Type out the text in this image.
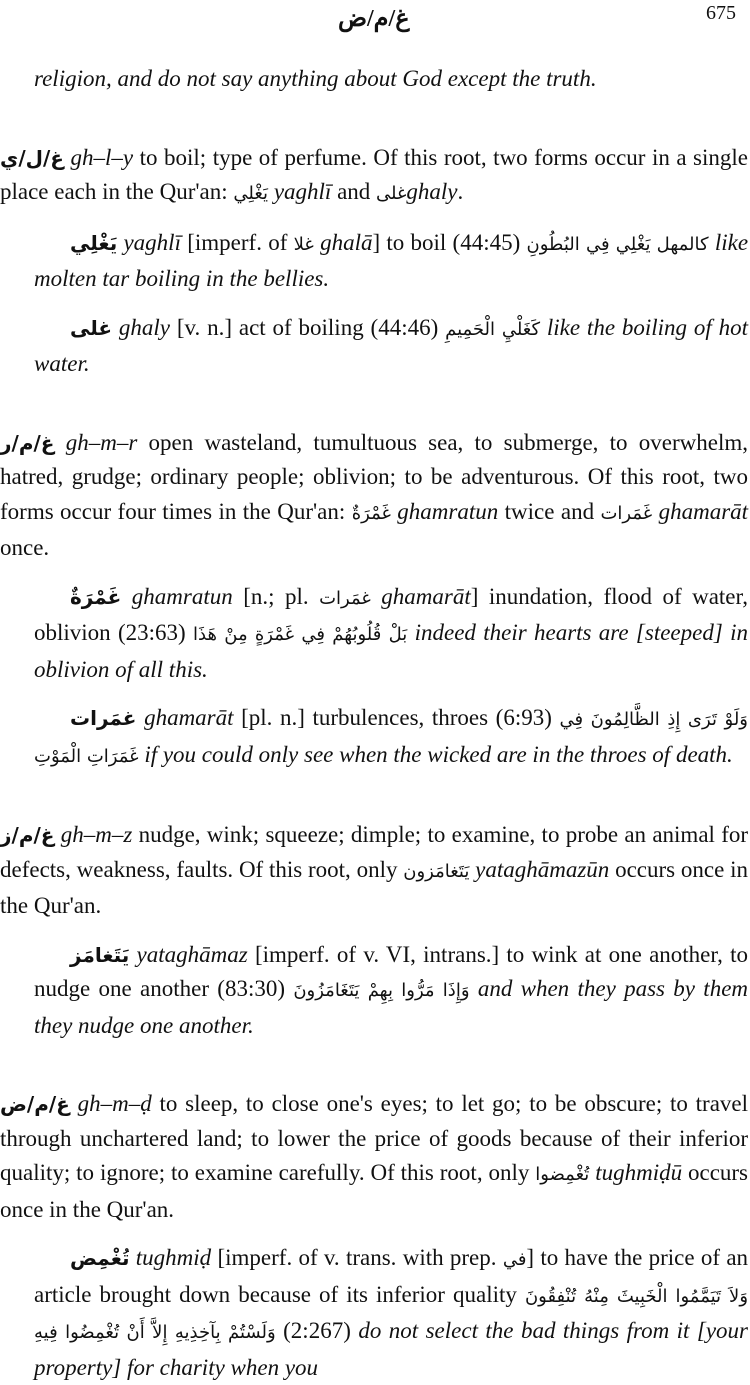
غ/م/ض	675

religion, and do not say anything about God except the truth.

غ/ل/ي gh–l–y to boil; type of perfume. Of this root, two forms occur in a single place each in the Qur'an: يَغْلِي yaghlī and غلىghaly.

يَغْلِي yaghlī [imperf. of غلا ghalā] to boil (44:45) كالمهل يَغْلِي فِي البُطُونِ like molten tar boiling in the bellies.

غلى ghaly [v. n.] act of boiling (44:46) كَغَلْيِ الْحَمِيمِ like the boiling of hot water.

غ/م/ر gh–m–r open wasteland, tumultuous sea, to submerge, to overwhelm, hatred, grudge; ordinary people; oblivion; to be adventurous. Of this root, two forms occur four times in the Qur'an: غَمْرَةٌ ghamratun twice and غَمَرات ghamarāt once.

غَمْرَةٌ ghamratun [n.; pl. غمَرات ghamarāt] inundation, flood of water, oblivion (23:63) بَلْ قُلُوبُهُمْ فِي غَمْرَةٍ مِنْ هَذَا indeed their hearts are [steeped] in oblivion of all this.

غمَرات ghamarāt [pl. n.] turbulences, throes (6:93) وَلَوْ تَرَى إِذِ الظَّالِمُونَ فِي غَمَرَاتِ الْمَوْتِ if you could only see when the wicked are in the throes of death.

غ/م/ز gh–m–z nudge, wink; squeeze; dimple; to examine, to probe an animal for defects, weakness, faults. Of this root, only يَتَغامَزون yataghāmazūn occurs once in the Qur'an.

يَتَغامَز yataghāmaz [imperf. of v. VI, intrans.] to wink at one another, to nudge one another (83:30) وَإِذَا مَرُّوا بِهِمْ يَتَغَامَزُونَ and when they pass by them they nudge one another.

غ/م/ض gh–m–ḍ to sleep, to close one's eyes; to let go; to be obscure; to travel through unchartered land; to lower the price of goods because of their inferior quality; to ignore; to examine carefully. Of this root, only تُغْمِضوا tughmiḍū occurs once in the Qur'an.

تُغْمِض tughmiḍ [imperf. of v. trans. with prep. في] to have the price of an article brought down because of its inferior quality وَلاَ تَيَمَّمُوا الْخَبِيثَ مِنْهُ تُنْفِقُونَ وَلَسْتُمْ بِآخِذِيهِ إِلاَّ أَنْ تُغْمِضُوا فِيهِ (2:267) do not select the bad things from it [your property] for charity when you
